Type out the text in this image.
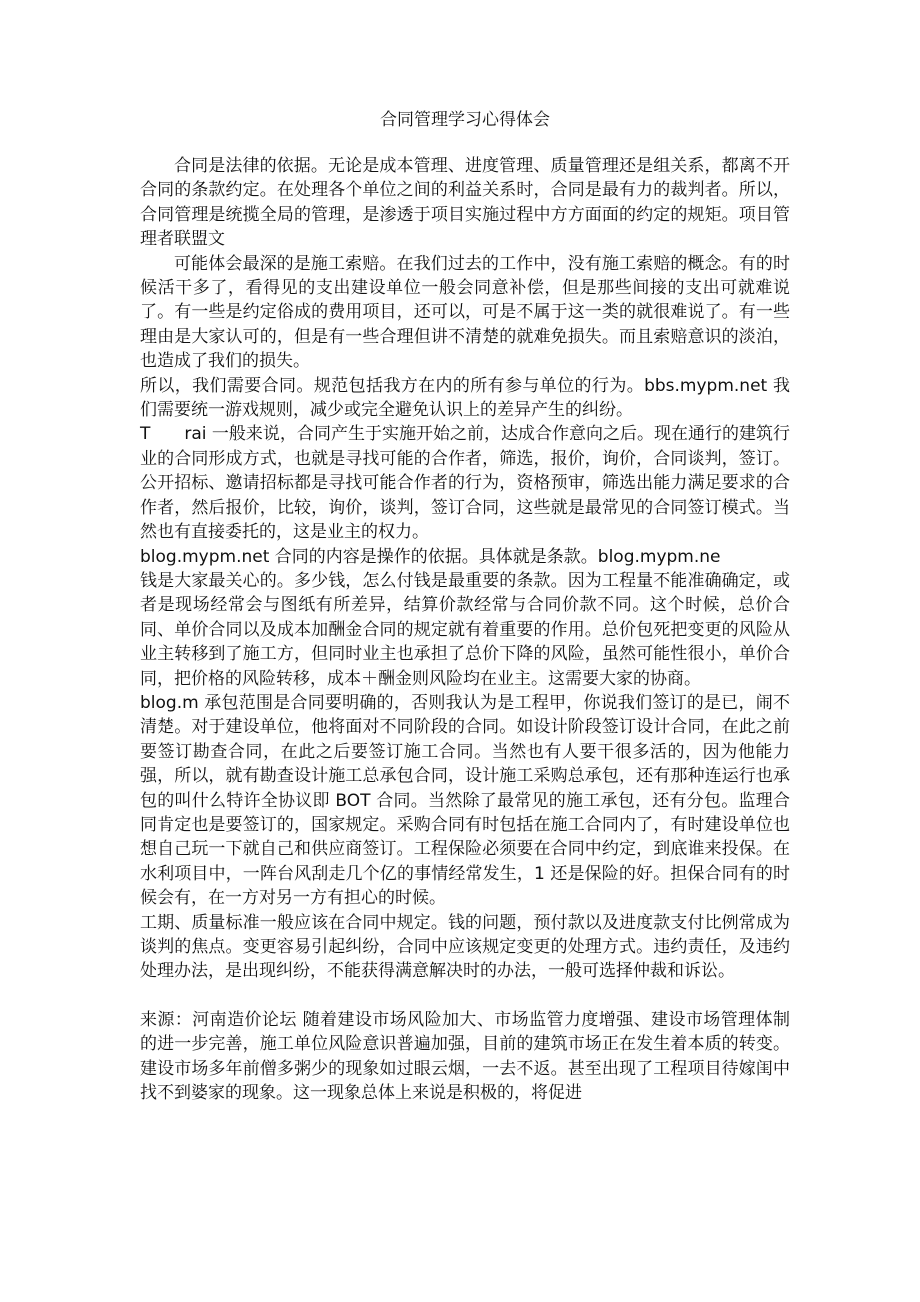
合同管理学习心得体会

合同是法律的依据。无论是成本管理、进度管理、质量管理还是组关系，都离不开合同的条款约定。在处理各个单位之间的利益关系时，合同是最有力的裁判者。所以，合同管理是统揽全局的管理，是渗透于项目实施过程中方方面面的约定的规矩。项目管理者联盟文

可能体会最深的是施工索赔。在我们过去的工作中，没有施工索赔的概念。有的时候活干多了，看得见的支出建设单位一般会同意补偿，但是那些间接的支出可就难说了。有一些是约定俗成的费用项目，还可以，可是不属于这一类的就很难说了。有一些理由是大家认可的，但是有一些合理但讲不清楚的就难免损失。而且索赔意识的淡泊，也造成了我们的损失。

所以，我们需要合同。规范包括我方在内的所有参与单位的行为。bbs.mypm.net 我们需要统一游戏规则，减少或完全避免认识上的差异产生的纠纷。

T　　rai 一般来说，合同产生于实施开始之前，达成合作意向之后。现在通行的建筑行业的合同形成方式，也就是寻找可能的合作者，筛选，报价，询价，合同谈判，签订。公开招标、邀请招标都是寻找可能合作者的行为，资格预审，筛选出能力满足要求的合作者，然后报价，比较，询价，谈判，签订合同，这些就是最常见的合同签订模式。当然也有直接委托的，这是业主的权力。

blog.mypm.net 合同的内容是操作的依据。具体就是条款。blog.mypm.ne

钱是大家最关心的。多少钱，怎么付钱是最重要的条款。因为工程量不能准确确定，或者是现场经常会与图纸有所差异，结算价款经常与合同价款不同。这个时候，总价合同、单价合同以及成本加酬金合同的规定就有着重要的作用。总价包死把变更的风险从业主转移到了施工方，但同时业主也承担了总价下降的风险，虽然可能性很小，单价合同，把价格的风险转移，成本＋酬金则风险均在业主。这需要大家的协商。

blog.m 承包范围是合同要明确的，否则我认为是工程甲，你说我们签订的是已，闹不清楚。对于建设单位，他将面对不同阶段的合同。如设计阶段签订设计合同，在此之前要签订勘查合同，在此之后要签订施工合同。当然也有人要干很多活的，因为他能力强，所以，就有勘查设计施工总承包合同，设计施工采购总承包，还有那种连运行也承包的叫什么特许全协议即 BOT 合同。当然除了最常见的施工承包，还有分包。监理合同肯定也是要签订的，国家规定。采购合同有时包括在施工合同内了，有时建设单位也想自己玩一下就自己和供应商签订。工程保险必须要在合同中约定，到底谁来投保。在水利项目中，一阵台风刮走几个亿的事情经常发生，1 还是保险的好。担保合同有的时候会有，在一方对另一方有担心的时候。

工期、质量标准一般应该在合同中规定。钱的问题，预付款以及进度款支付比例常成为谈判的焦点。变更容易引起纠纷，合同中应该规定变更的处理方式。违约责任，及违约处理办法，是出现纠纷，不能获得满意解决时的办法，一般可选择仲裁和诉讼。

来源：河南造价论坛 随着建设市场风险加大、市场监管力度增强、建设市场管理体制的进一步完善，施工单位风险意识普遍加强，目前的建筑市场正在发生着本质的转变。建设市场多年前僧多粥少的现象如过眼云烟，一去不返。甚至出现了工程项目待嫁闺中找不到婆家的现象。这一现象总体上来说是积极的，将促进
